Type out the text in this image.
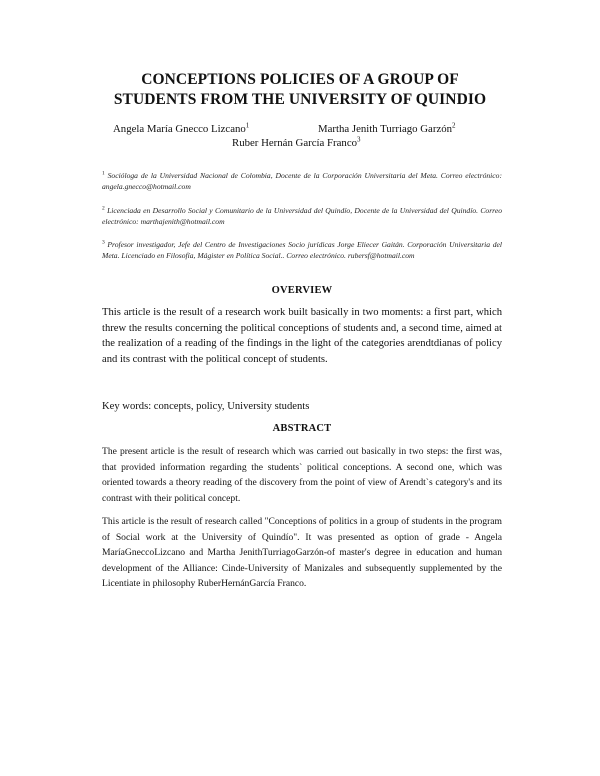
CONCEPTIONS POLICIES OF A GROUP OF
STUDENTS FROM THE UNIVERSITY OF QUINDIO
Angela María Gnecco Lizcano$^1$	Martha Jenith Turriago Garzón$^2$
Ruber Hernán García Franco$^3$
$^1$ Socióloga de la Universidad Nacional de Colombia, Docente de la Corporación Universitaria del Meta. Correo electrónico: angela.gnecco@hotmail.com
$^2$ Licenciada en Desarrollo Social y Comunitario de la Universidad del Quindío, Docente de la Universidad del Quindío. Correo electrónico: marthajenith@hotmail.com
$^3$ Profesor investigador, Jefe del Centro de Investigaciones Socio jurídicas Jorge Eliecer Gaitán. Corporación Universitaria del Meta. Licenciado en Filosofía, Mágister en Política Social.. Correo electrónico. rubersf@hotmail.com
OVERVIEW
This article is the result of a research work built basically in two moments: a first part, which threw the results concerning the political conceptions of students and, a second time, aimed at the realization of a reading of the findings in the light of the categories arendtdianas of policy and its contrast with the political concept of students.
Key words: concepts, policy, University students
ABSTRACT
The present article is the result of research which was carried out basically in two steps: the first was, that provided information regarding the students` political conceptions. A second one, which was oriented towards a theory reading of the discovery from the point of view of Arendt`s category's and its contrast with their political concept.
This article is the result of research called "Conceptions of politics in a group of students in the program of Social work at the University of Quindío". It was presented as option of grade - Angela MaríaGneccoLizcano and Martha JenithTurriagoGarzón-of master's degree in education and human development of the Alliance: Cinde-University of Manizales and subsequently supplemented by the Licentiate in philosophy RuberHernánGarcía Franco.
